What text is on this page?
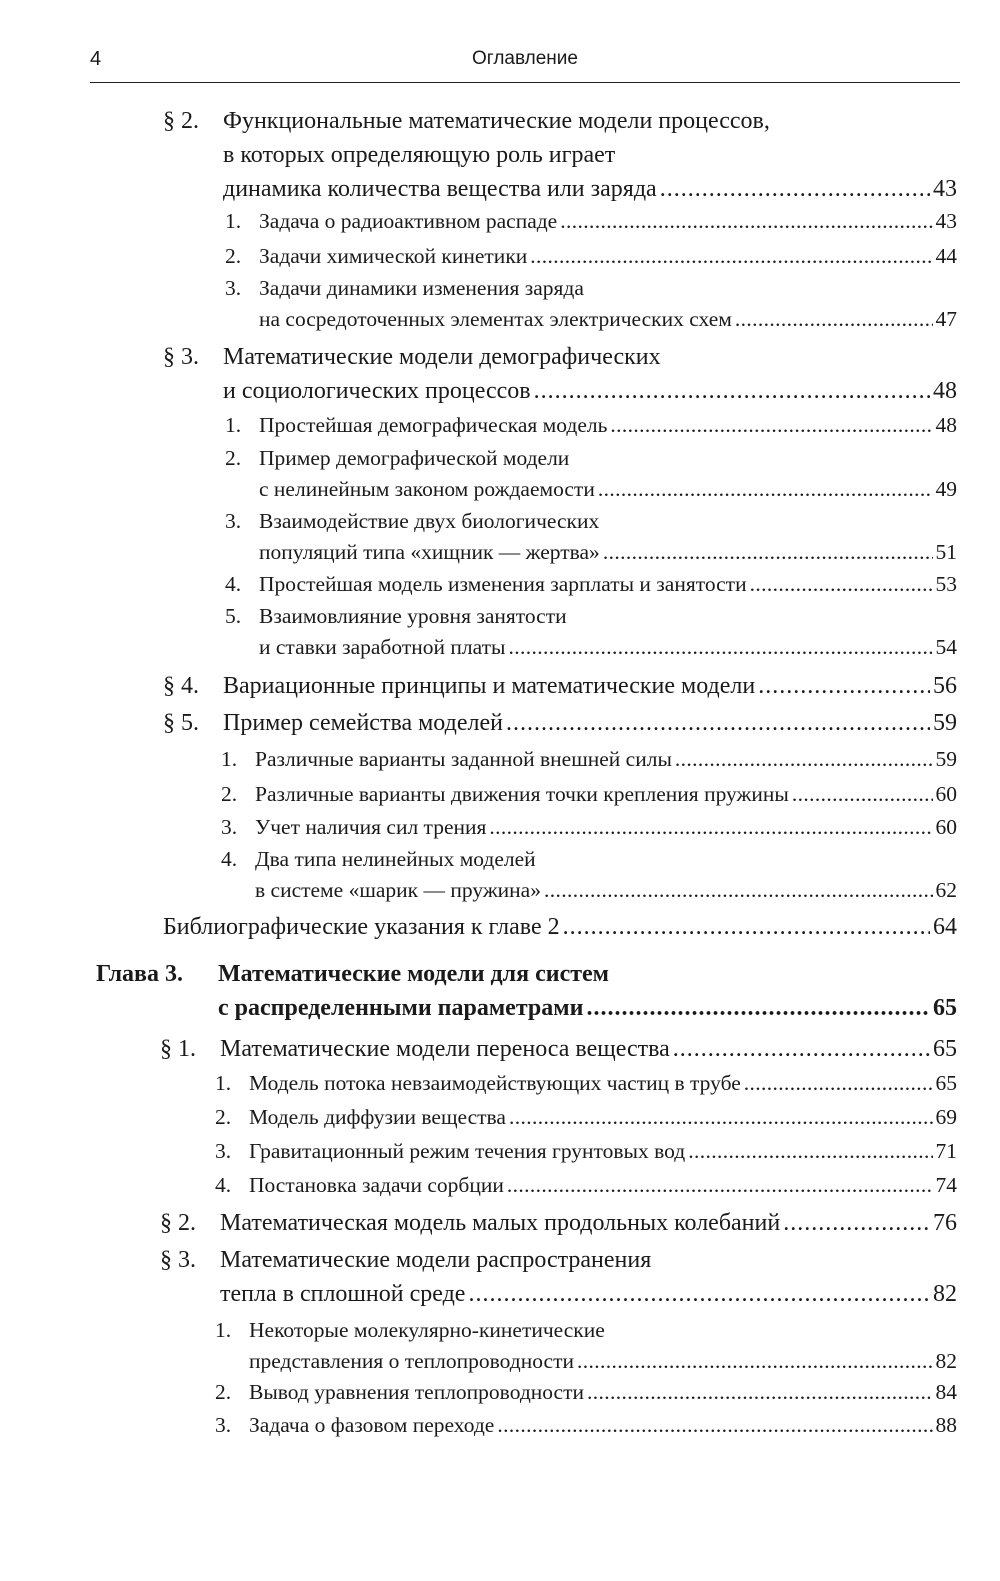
4	Оглавление
§ 2.	Функциональные математические модели процессов,
в которых определяющую роль играет
динамика количества вещества или заряда . . .	43
1. Задача о радиоактивном распаде . . .	43
2. Задачи химической кинетики . . .	44
3. Задачи динамики изменения заряда
на сосредоточенных элементах электрических схем . . .	47
§ 3.	Математические модели демографических
и социологических процессов . . .	48
1. Простейшая демографическая модель . . .	48
2. Пример демографической модели
с нелинейным законом рождаемости . . .	49
3. Взаимодействие двух биологических
популяций типа «хищник — жертва» . . .	51
4. Простейшая модель изменения зарплаты и занятости . . .	53
5. Взаимовлияние уровня занятости
и ставки заработной платы . . .	54
§ 4.	Вариационные принципы и математические модели . . .	56
§ 5.	Пример семейства моделей . . .	59
1. Различные варианты заданной внешней силы . . .	59
2. Различные варианты движения точки крепления пружины . . .	60
3. Учет наличия сил трения . . .	60
4. Два типа нелинейных моделей
в системе «шарик — пружина» . . .	62
Библиографические указания к главе 2 . . .	64
Глава 3.	Математические модели для систем
с распределенными параметрами . . .	65
§ 1.	Математические модели переноса вещества . . .	65
1. Модель потока невзаимодействующих частиц в трубе . . .	65
2. Модель диффузии вещества . . .	69
3. Гравитационный режим течения грунтовых вод . . .	71
4. Постановка задачи сорбции . . .	74
§ 2.	Математическая модель малых продольных колебаний . . .	76
§ 3.	Математические модели распространения
тепла в сплошной среде . . .	82
1. Некоторые молекулярно-кинетические
представления о теплопроводности . . .	82
2. Вывод уравнения теплопроводности . . .	84
3. Задача о фазовом переходе . . .	88
